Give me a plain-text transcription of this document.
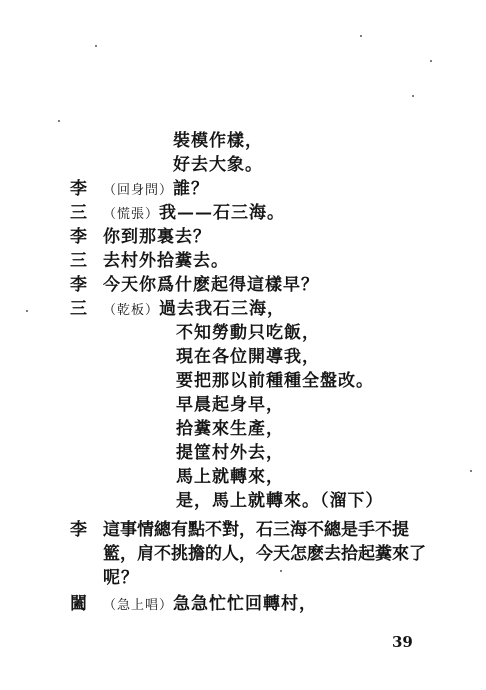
裝模作樣，
好去大象。
李 （回身問）誰？
三 （慌張）我——石三海。
李 你到那裏去？
三 去村外拾糞去。
李 今天你爲什麽起得這樣早？
三 （乾板）過去我石三海，
不知勞動只吃飯，
現在各位開導我，
要把那以前種種全盤改。
早晨起身早，
拾糞來生產，
提筐村外去，
馬上就轉來，
是，馬上就轉來。（溜下）
李 這事情總有點不對，石三海不總是手不提
籃，肩不挑擔的人，今天怎麽去拾起糞來了
呢？
闔 （急上唱）急急忙忙回轉村，
39
